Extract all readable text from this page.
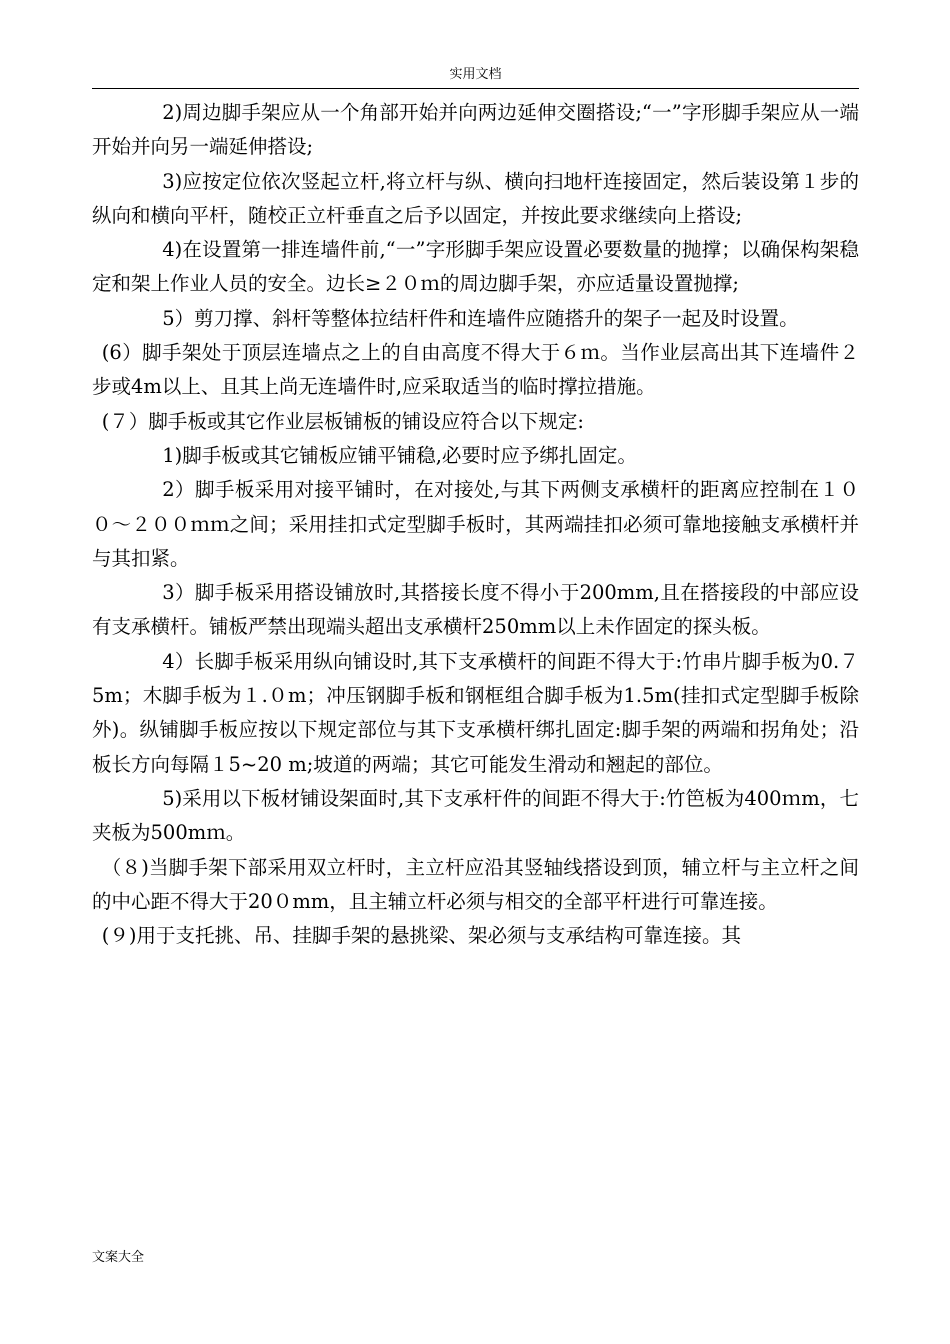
实用文档

2)周边脚手架应从一个角部开始并向两边延伸交圈搭设;“一”字形脚手架应从一端开始并向另一端延伸搭设;

3)应按定位依次竖起立杆,将立杆与纵、横向扫地杆连接固定，然后装设第１步的纵向和横向平杆，随校正立杆垂直之后予以固定，并按此要求继续向上搭设;

4)在设置第一排连墙件前,“一”字形脚手架应设置必要数量的抛撑；以确保构架稳定和架上作业人员的安全。边长≥２０ｍ的周边脚手架，亦应适量设置抛撑;

5）剪刀撑、斜杆等整体拉结杆件和连墙件应随搭升的架子一起及时设置。

(6）脚手架处于顶层连墙点之上的自由高度不得大于６ｍ。当作业层高出其下连墙件２步或4m以上、且其上尚无连墙件时,应采取适当的临时撑拉措施。

(７）脚手板或其它作业层板铺板的铺设应符合以下规定:

1)脚手板或其它铺板应铺平铺稳,必要时应予绑扎固定。

2）脚手板采用对接平铺时，在对接处,与其下两侧支承横杆的距离应控制在１００～２００ｍｍ之间；采用挂扣式定型脚手板时，其两端挂扣必须可靠地接触支承横杆并与其扣紧。

3）脚手板采用搭设铺放时,其搭接长度不得小于200mm,且在搭接段的中部应设有支承横杆。铺板严禁出现端头超出支承横杆250mm以上未作固定的探头板。

4）长脚手板采用纵向铺设时,其下支承横杆的间距不得大于:竹串片脚手板为0.７5m；木脚手板为１.０m；冲压钢脚手板和钢框组合脚手板为1.5m(挂扣式定型脚手板除外)。纵铺脚手板应按以下规定部位与其下支承横杆绑扎固定:脚手架的两端和拐角处；沿板长方向每隔１5~20 m;坡道的两端；其它可能发生滑动和翘起的部位。

5)采用以下板材铺设架面时,其下支承杆件的间距不得大于:竹笆板为400ｍm，七夹板为500mｍ。

（８)当脚手架下部采用双立杆时，主立杆应沿其竖轴线搭设到顶，辅立杆与主立杆之间的中心距不得大于20０mm，且主辅立杆必须与相交的全部平杆进行可靠连接。

(９)用于支托挑、吊、挂脚手架的悬挑梁、架必须与支承结构可靠连接。其

文案大全
